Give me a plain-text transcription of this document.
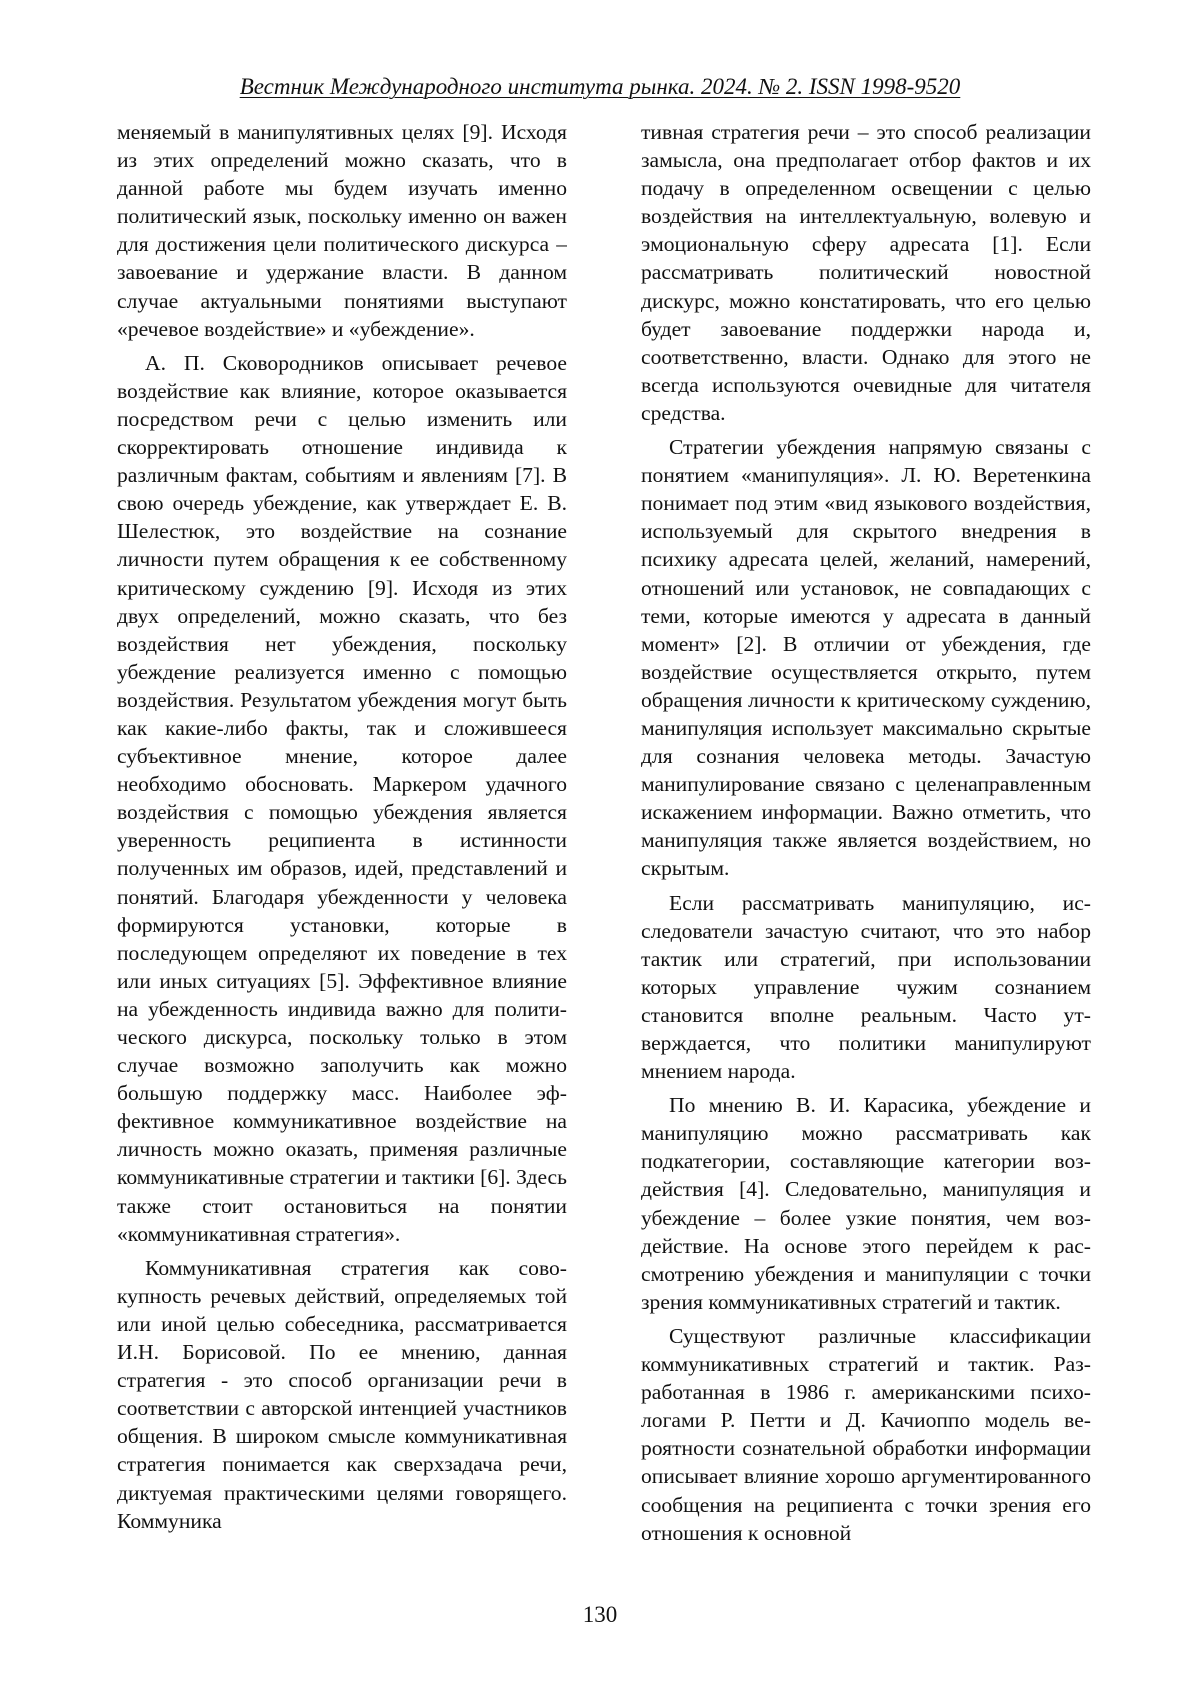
Вестник Международного института рынка. 2024. № 2. ISSN 1998-9520

меняемый в манипулятивных целях [9]. Исходя из этих определений можно сказать, что в данной работе мы будем изучать именно политический язык, поскольку именно он важен для достижения цели политического дискурса – завоевание и удержание власти. В данном случае актуальными понятиями выступают «речевое воздействие» и «убеждение».

А. П. Сковородников описывает речевое воздействие как влияние, которое оказывается посредством речи с целью изменить или скорректировать отношение индивида к различным фактам, событиям и явлениям [7]. В свою очередь убеждение, как утверждает Е. В. Шелестюк, это воздействие на сознание личности путем обращения к ее собственному критическому суждению [9]. Исходя из этих двух определений, можно сказать, что без воздействия нет убеждения, поскольку убеждение реализуется именно с помощью воздействия. Результатом убеждения могут быть как какие-либо факты, так и сложившееся субъективное мнение, которое далее необходимо обосновать. Маркером удачного воздействия с помощью убеждения является уверенность реципиента в истинности полученных им образов, идей, представлений и понятий. Благодаря убежденности у человека формируются установки, которые в последующем определяют их поведение в тех или иных ситуациях [5]. Эффективное влияние на убежденность индивида важно для политического дискурса, поскольку только в этом случае возможно заполучить как можно большую поддержку масс. Наиболее эффективное коммуникативное воздействие на личность можно оказать, применяя различные коммуникативные стратегии и тактики [6]. Здесь также стоит остановиться на понятии «коммуникативная стратегия».

Коммуникативная стратегия как совокупность речевых действий, определяемых той или иной целью собеседника, рассматривается И.Н. Борисовой. По ее мнению, данная стратегия - это способ организации речи в соответствии с авторской интенцией участников общения. В широком смысле коммуникативная стратегия понимается как сверхзадача речи, диктуемая практическими целями говорящего. Коммуника

тивная стратегия речи – это способ реализации замысла, она предполагает отбор фактов и их подачу в определенном освещении с целью воздействия на интеллектуальную, волевую и эмоциональную сферу адресата [1]. Если рассматривать политический новостной дискурс, можно констатировать, что его целью будет завоевание поддержки народа и, соответственно, власти. Однако для этого не всегда используются очевидные для читателя средства.

Стратегии убеждения напрямую связаны с понятием «манипуляция». Л. Ю. Веретенкина понимает под этим «вид языкового воздействия, используемый для скрытого внедрения в психику адресата целей, желаний, намерений, отношений или установок, не совпадающих с теми, которые имеются у адресата в данный момент» [2]. В отличии от убеждения, где воздействие осуществляется открыто, путем обращения личности к критическому суждению, манипуляция использует максимально скрытые для сознания человека методы. Зачастую манипулирование связано с целенаправленным искажением информации. Важно отметить, что манипуляция также является воздействием, но скрытым.

Если рассматривать манипуляцию, исследователи зачастую считают, что это набор тактик или стратегий, при использовании которых управление чужим сознанием становится вполне реальным. Часто утверждается, что политики манипулируют мнением народа.

По мнению В. И. Карасика, убеждение и манипуляцию можно рассматривать как подкатегории, составляющие категории воздействия [4]. Следовательно, манипуляция и убеждение – более узкие понятия, чем воздействие. На основе этого перейдем к рассмотрению убеждения и манипуляции с точки зрения коммуникативных стратегий и тактик.

Существуют различные классификации коммуникативных стратегий и тактик. Разработанная в 1986 г. американскими психологами Р. Петти и Д. Качиоппо модель вероятности сознательной обработки информации описывает влияние хорошо аргументированного сообщения на реципиента с точки зрения его отношения к основной

130
